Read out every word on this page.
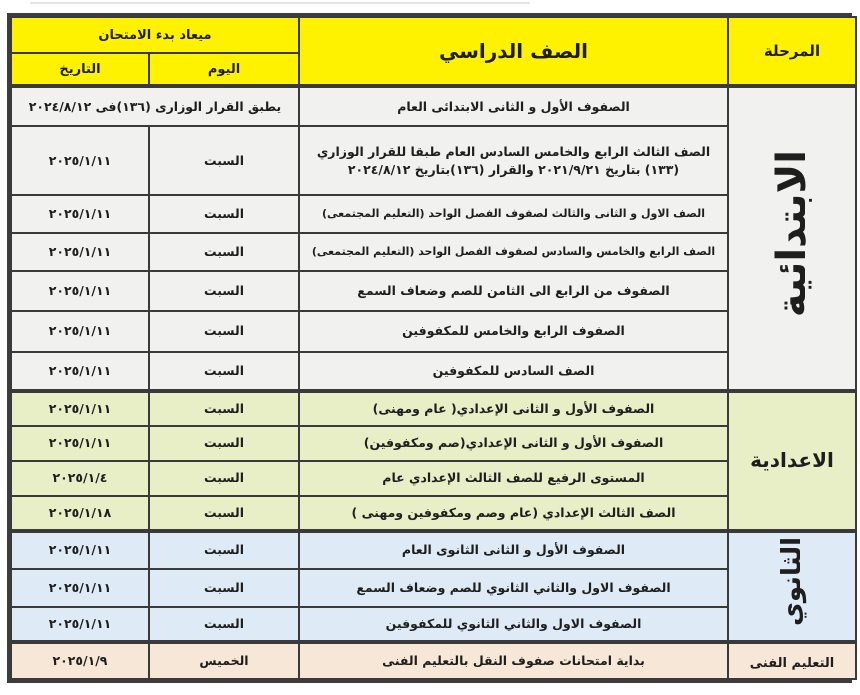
المرحلة	الصف الدراسي	ميعاد بدء الامتحان	
		اليوم	التاريخ
الابتدائية	الصفوف الأول و الثانى الابتدائى العام	يطبق القرار الوزارى (١٣٦)فى ٢٠٢٤/٨/١٢	

	الصف الثالث الرابع والخامس السادس العام طبقا للقرار الوزاري
(١٣٣) بتاريخ ٢٠٢١/٩/٢١ والقرار (١٣٦)بتاريخ ٢٠٢٤/٨/١٢	السبت	٢٠٢٥/١/١١
	الصف الاول و الثانى والثالث لصفوف الفصل الواحد (التعليم المجتمعى)	السبت	٢٠٢٥/١/١١
	الصف الرابع والخامس والسادس لصفوف الفصل الواحد (التعليم المجتمعى)	السبت	٢٠٢٥/١/١١
	الصفوف من الرابع الى الثامن للصم وضعاف السمع	السبت	٢٠٢٥/١/١١
	الصفوف الرابع والخامس للمكفوفين	السبت	٢٠٢٥/١/١١
	الصف السادس للمكفوفين	السبت	٢٠٢٥/١/١١
الاعدادية	الصفوف الأول و الثانى الإعدادي( عام ومهنى)	السبت	٢٠٢٥/١/١١
	الصفوف الأول و الثانى الإعدادي(صم ومكفوفين)	السبت	٢٠٢٥/١/١١
	المستوى الرفيع للصف الثالث الإعدادي عام	السبت	٢٠٢٥/١/٤
	الصف الثالث الإعدادي (عام وصم ومكفوفين ومهنى )	السبت	٢٠٢٥/١/١٨
الثانوي	الصفوف الأول و الثانى الثانوى العام	السبت	٢٠٢٥/١/١١
	الصفوف الاول والثاني الثانوي للصم وضعاف السمع	السبت	٢٠٢٥/١/١١
	الصفوف الاول والثاني الثانوي للمكفوفين	السبت	٢٠٢٥/١/١١
التعليم الفنى	بداية امتحانات صفوف النقل بالتعليم الفنى	الخميس	٢٠٢٥/١/٩
